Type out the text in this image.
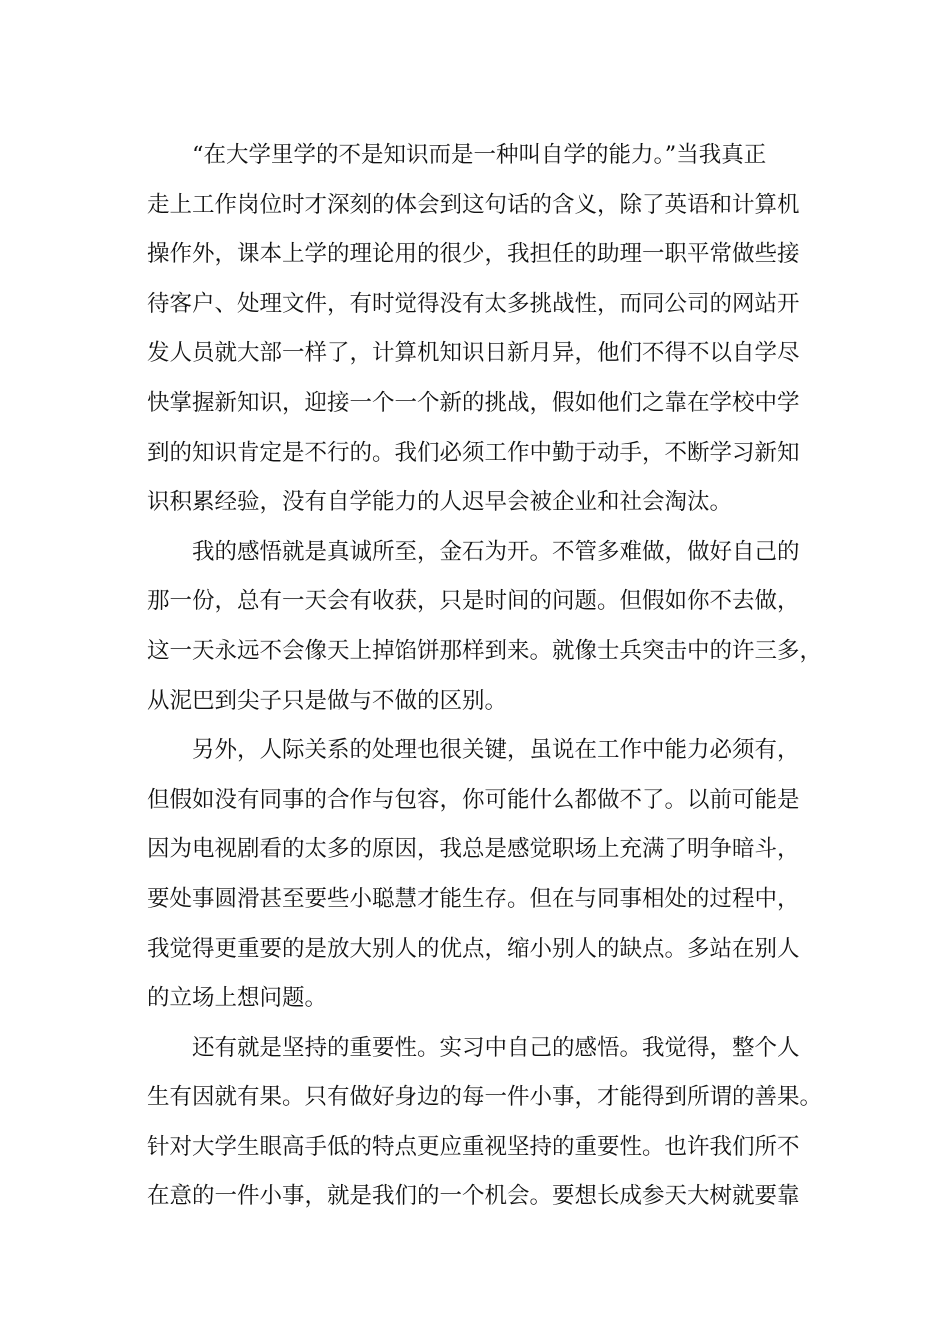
“在大学里学的不是知识而是一种叫自学的能力。”当我真正
走上工作岗位时才深刻的体会到这句话的含义，除了英语和计算机
操作外，课本上学的理论用的很少，我担任的助理一职平常做些接
待客户、处理文件，有时觉得没有太多挑战性，而同公司的网站开
发人员就大部一样了，计算机知识日新月异，他们不得不以自学尽
快掌握新知识，迎接一个一个新的挑战，假如他们之靠在学校中学
到的知识肯定是不行的。我们必须工作中勤于动手，不断学习新知
识积累经验，没有自学能力的人迟早会被企业和社会淘汰。
我的感悟就是真诚所至，金石为开。不管多难做，做好自己的
那一份，总有一天会有收获，只是时间的问题。但假如你不去做，
这一天永远不会像天上掉馅饼那样到来。就像士兵突击中的许三多，
从泥巴到尖子只是做与不做的区别。
另外，人际关系的处理也很关键，虽说在工作中能力必须有，
但假如没有同事的合作与包容，你可能什么都做不了。以前可能是
因为电视剧看的太多的原因，我总是感觉职场上充满了明争暗斗，
要处事圆滑甚至要些小聪慧才能生存。但在与同事相处的过程中，
我觉得更重要的是放大别人的优点，缩小别人的缺点。多站在别人
的立场上想问题。
还有就是坚持的重要性。实习中自己的感悟。我觉得，整个人
生有因就有果。只有做好身边的每一件小事，才能得到所谓的善果。
针对大学生眼高手低的特点更应重视坚持的重要性。也许我们所不
在意的一件小事，就是我们的一个机会。要想长成参天大树就要靠
